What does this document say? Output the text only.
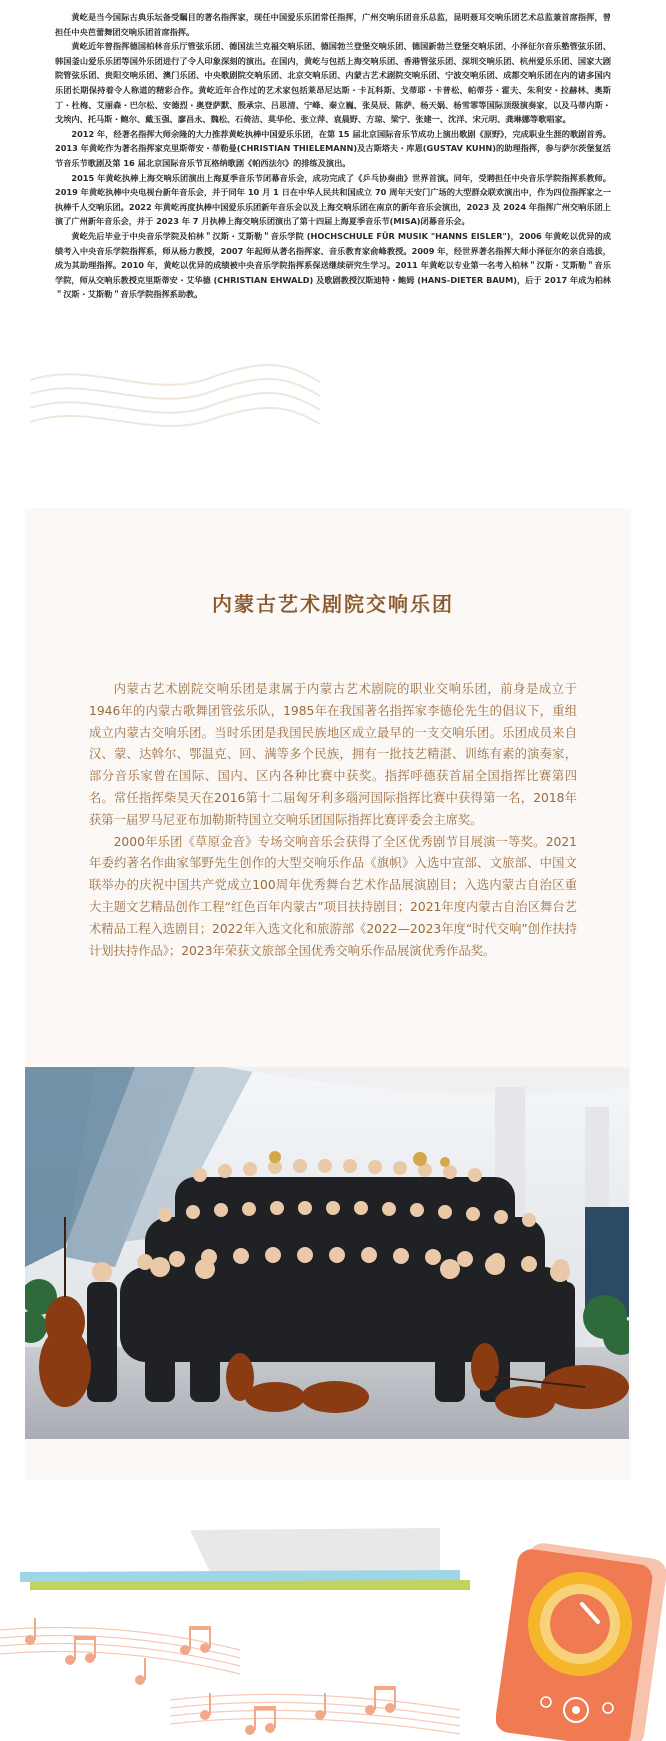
黄屹是当今国际古典乐坛备受瞩目的著名指挥家，现任中国爱乐乐团常任指挥，广州交响乐团音乐总监，昆明聂耳交响乐团艺术总监兼首席指挥，曾担任中央芭蕾舞团交响乐团首席指挥。

黄屹近年曾指挥德国柏林音乐厅管弦乐团、德国法兰克福交响乐团、德国勃兰登堡交响乐团、德国新勃兰登堡交响乐团、小泽征尔音乐塾管弦乐团、韩国釜山爱乐乐团等国外乐团进行了令人印象深刻的演出。在国内，黄屹与包括上海交响乐团、香港管弦乐团、深圳交响乐团、杭州爱乐乐团、国家大剧院管弦乐团、贵阳交响乐团、澳门乐团、中央歌剧院交响乐团、北京交响乐团、内蒙古艺术剧院交响乐团、宁波交响乐团、成都交响乐团在内的诸多国内乐团长期保持着令人称道的精彩合作。黄屹近年合作过的艺术家包括莱昂尼达斯・卡瓦科斯、戈蒂耶・卡普松、帕蒂芬・霍夫、朱利安・拉赫林、奥斯丁・杜梅、艾丽森・巴尔松、安德烈・奥登萨默、殷承宗、吕思清、宁峰、秦立巍、张昊辰、陈萨、杨天娲、杨雪霏等国际顶级演奏家，以及马蒂内斯・戈埃内、托马斯・鲍尔、戴玉强、廖昌永、魏松、石倚洁、莫华伦、张立萍、袁晨野、方琼、梁宁、张建一、沈洋、宋元明、龚琳娜等歌唱家。

2012 年，经著名指挥大师余隆的大力推荐黄屹执棒中国爱乐乐团，在第 15 届北京国际音乐节成功上演出歌剧《原野》，完成职业生涯的歌剧首秀。2013 年黄屹作为著名指挥家克里斯蒂安・蒂勒曼(CHRISTIAN THIELEMANN)及古斯塔夫・库恩(GUSTAV KUHN)的助理指挥，参与萨尔茨堡复活节音乐节歌剧及第 16 届北京国际音乐节瓦格纳歌剧《帕西法尔》的排练及演出。

2015 年黄屹执棒上海交响乐团演出上海夏季音乐节闭幕音乐会，成功完成了《乒乓协奏曲》世界首演。同年，受聘担任中央音乐学院指挥系教师。2019 年黄屹执棒中央电视台新年音乐会，并于同年 10 月 1 日在中华人民共和国成立 70 周年天安门广场的大型群众联欢演出中，作为四位指挥家之一执棒千人交响乐团。2022 年黄屹再度执棒中国爱乐乐团新年音乐会以及上海交响乐团在南京的新年音乐会演出，2023 及 2024 年指挥广州交响乐团上演了广州新年音乐会，并于 2023 年 7 月执棒上海交响乐团演出了第十四届上海夏季音乐节(MISA)闭幕音乐会。

黄屹先后毕业于中央音乐学院及柏林＂汉斯・艾斯勒＂音乐学院 (HOCHSCHULE FÜR MUSIK "HANNS EISLER")，2006 年黄屹以优异的成绩考入中央音乐学院指挥系，师从杨力教授，2007 年起师从著名指挥家、音乐教育家俞峰教授。2009 年，经世界著名指挥大师小泽征尔的亲自选拔，成为其助理指挥。2010 年，黄屹以优异的成绩被中央音乐学院指挥系保送继续研究生学习。2011 年黄屹以专业第一名考入柏林＂汉斯・艾斯勒＂音乐学院，师从交响乐教授克里斯蒂安・艾华德 (CHRISTIAN EHWALD) 及歌剧教授汉斯迪特・鲍姆 (HANS-DIETER BAUM)，后于 2017 年成为柏林＂汉斯・艾斯勒＂音乐学院指挥系助教。

内蒙古艺术剧院交响乐团

内蒙古艺术剧院交响乐团是隶属于内蒙古艺术剧院的职业交响乐团，前身是成立于1946年的内蒙古歌舞团管弦乐队，1985年在我国著名指挥家李德伦先生的倡议下，重组成立内蒙古交响乐团。当时乐团是我国民族地区成立最早的一支交响乐团。乐团成员来自汉、蒙、达斡尔、鄂温克、回、满等多个民族，拥有一批技艺精湛、训练有素的演奏家，部分音乐家曾在国际、国内、区内各种比赛中获奖。指挥呼德获首届全国指挥比赛第四名。常任指挥柴昊天在2016第十二届匈牙利多瑙河国际指挥比赛中获得第一名，2018年获第一届罗马尼亚布加勒斯特国立交响乐团国际指挥比赛评委会主席奖。

2000年乐团《草原金音》专场交响音乐会获得了全区优秀剧节目展演一等奖。2021年委约著名作曲家邹野先生创作的大型交响乐作品《旗帜》入选中宣部、文旅部、中国文联举办的庆祝中国共产党成立100周年优秀舞台艺术作品展演剧目；入选内蒙古自治区重大主题文艺精品创作工程“红色百年内蒙古”项目扶持剧目；2021年度内蒙古自治区舞台艺术精品工程入选剧目；2022年入选文化和旅游部《2022—2023年度“时代交响”创作扶持计划扶持作品》；2023年荣获文旅部全国优秀交响乐作品展演优秀作品奖。
